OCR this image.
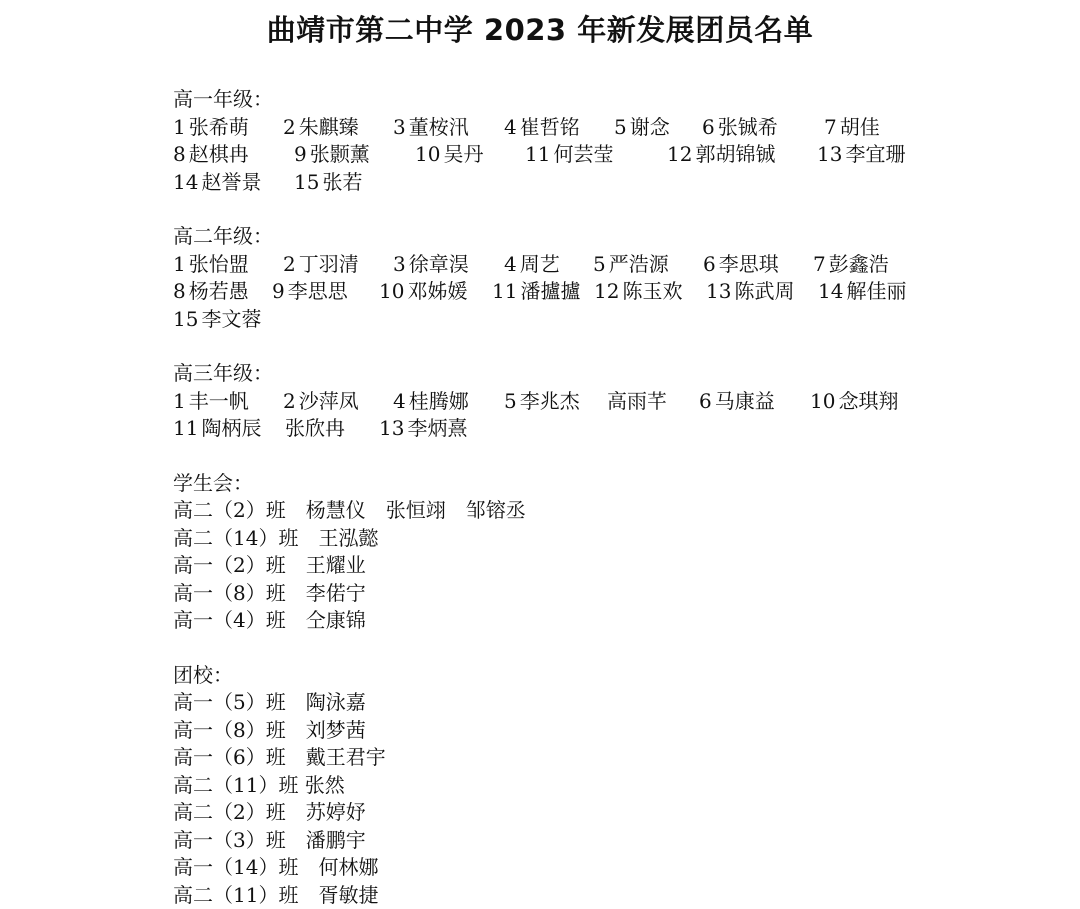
曲靖市第二中学 2023 年新发展团员名单
高一年级：
1 张希萌 2 朱麒臻 3 董桉汛 4 崔哲铭 5 谢念 6 张铖希 7 胡佳
8 赵棋冉 9 张颢薰 10 吴丹 11 何芸莹	12 郭胡锦铖 13 李宜珊
14 赵誉景 15 张若
高二年级：
1 张怡盟 2 丁羽清 3 徐章淏 4 周艺 5 严浩源 6 李思琪 7 彭鑫浩
8 杨若愚 9 李思思 10 邓姊媛 11 潘攎攎 12 陈玉欢 13 陈武周 14 解佳丽
15 李文蓉
高三年级：
1 丰一帆 2 沙萍凤 4 桂腾娜 5 李兆杰 高雨芊 6 马康益 10 念琪翔
11 陶柄辰 张欣冉 13 李炳熹
学生会：
高二（2）班　杨慧仪　张恒翊　邹镕丞
高二（14）班　王泓懿
高一（2）班　王耀业
高一（8）班　李偌宁
高一（4）班　仝康锦
团校：
高一（5）班　陶泳嘉
高一（8）班　刘梦茜
高一（6）班　戴王君宇
高二（11）班 张然
高二（2）班　苏婷妤
高一（3）班　潘鹏宇
高一（14）班　何林娜
高二（11）班　胥敏捷
